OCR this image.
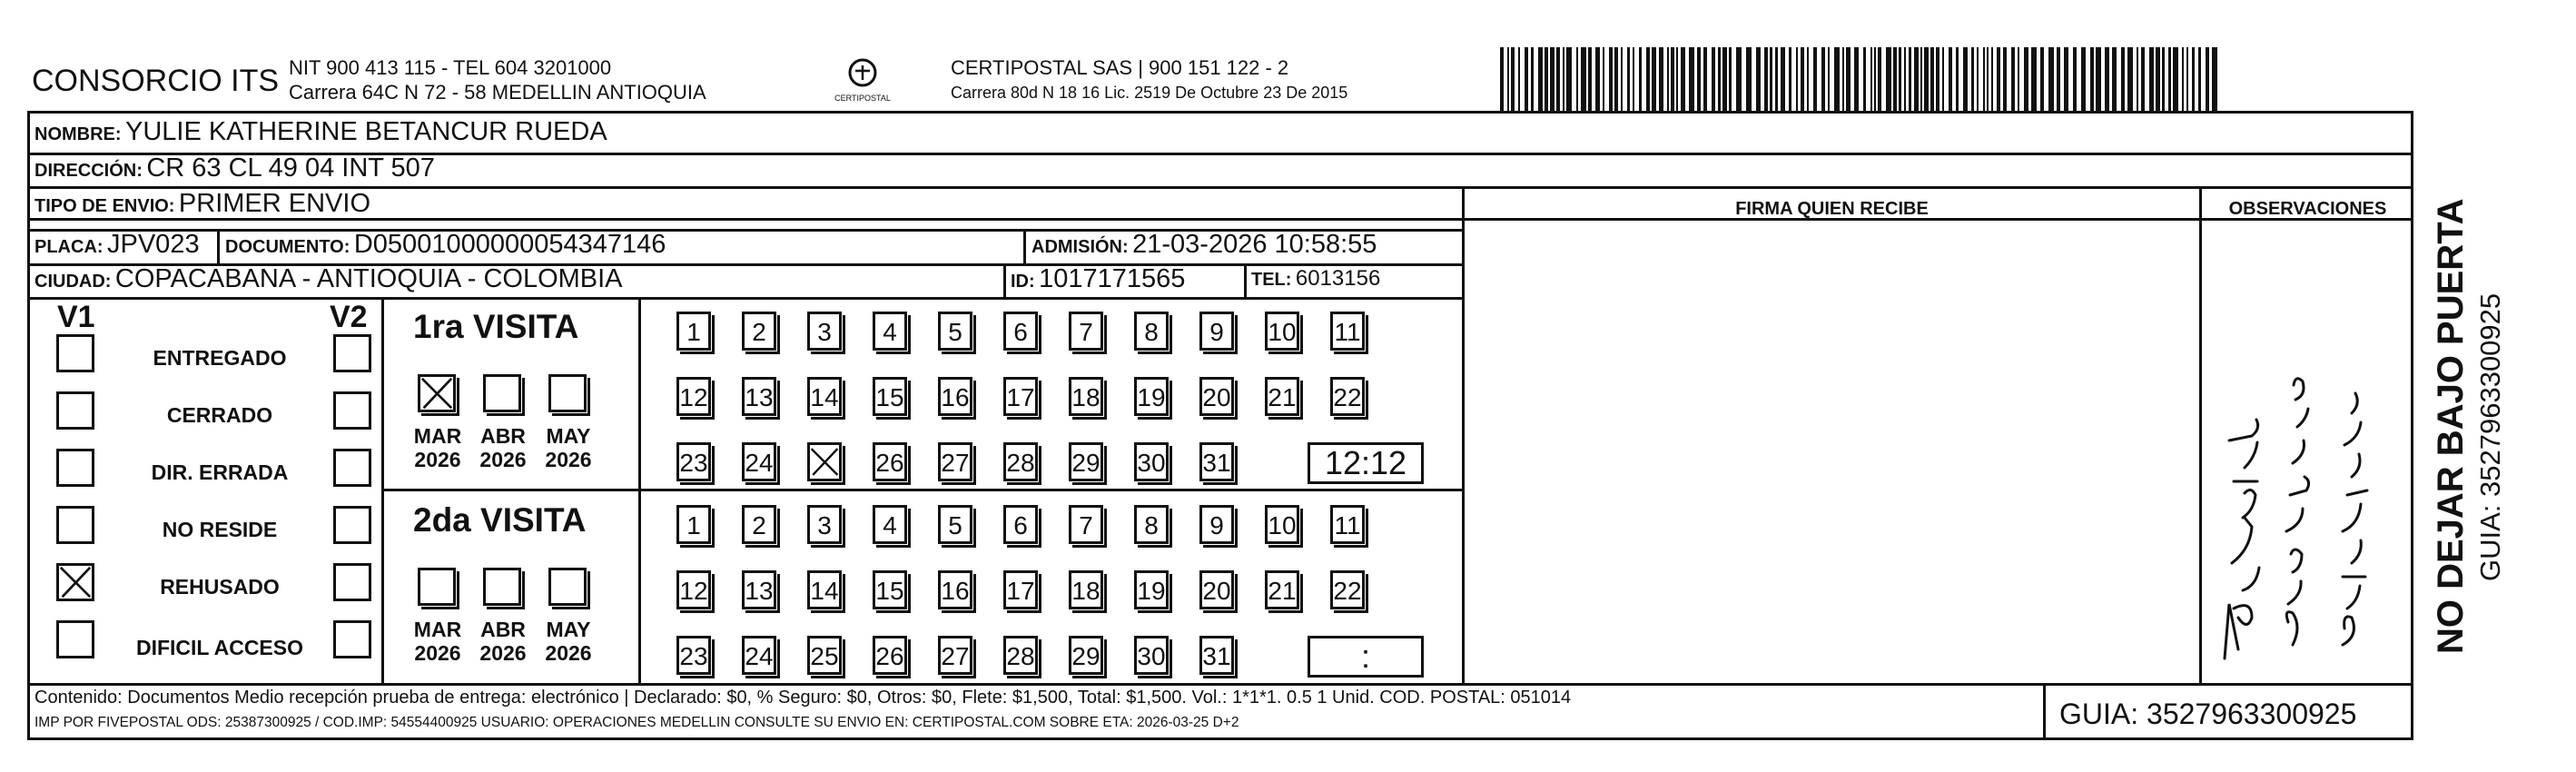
CONSORCIO ITS NIT 900 413 115 - TEL 604 3201000
Carrera 64C N 72 - 58 MEDELLIN ANTIOQUIA	CERTIPOSTAL
CERTIPOSTAL SAS | 900 151 122 - 2
Carrera 80d N 18 16 Lic. 2519 De Octubre 23 De 2015
NOMBRE: YULIE KATHERINE BETANCUR RUEDA
DIRECCIÓN: CR 63 CL 49 04 INT 507
TIPO DE ENVIO: PRIMER ENVIO	FIRMA QUIEN RECIBE	OBSERVACIONES
PLACA: JPV023 DOCUMENTO: D05001000000054347146	ADMISIÓN: 21-03-2026 10:58:55
CIUDAD: COPACABANA - ANTIOQUIA - COLOMBIA	ID: 1017171565	TEL: 6013156
V1	V2	NO DEJAR BAJO PUERTA GUIA: 3527963300925
Contenido: Documentos Medio recepción prueba de entrega: electrónico | Declarado: $0, % Seguro: $0, Otros: $0, Flete: $1,500, Total: $1,500. Vol.: 1*1*1. 0.5 1 Unid. COD. POSTAL: 051014
IMP POR FIVEPOSTAL ODS: 25387300925 / COD.IMP: 54554400925 USUARIO: OPERACIONES MEDELLIN CONSULTE SU ENVIO EN: CERTIPOSTAL.COM SOBRE ETA: 2026-03-25 D+2	GUIA: 3527963300925
ENTREGADO
CERRADO
DIR. ERRADA
NO RESIDE
REHUSADO
DIFICIL ACCESO
1ra VISITA
MAR
2026
ABR
2026
MAY
2026
1	2	3	4	5	6	7	8	9	10 11
12 13 14 15 16 17 18 19 20 21 22
23 24	26 27 28 29 30 31	12:12
2da VISITA
MAR
2026
ABR
2026
MAY
2026
1	2	3	4	5	6	7	8	9	10 11
12 13 14 15 16 17 18 19 20 21 22
23 24 25 26 27 28 29 30 31	:
